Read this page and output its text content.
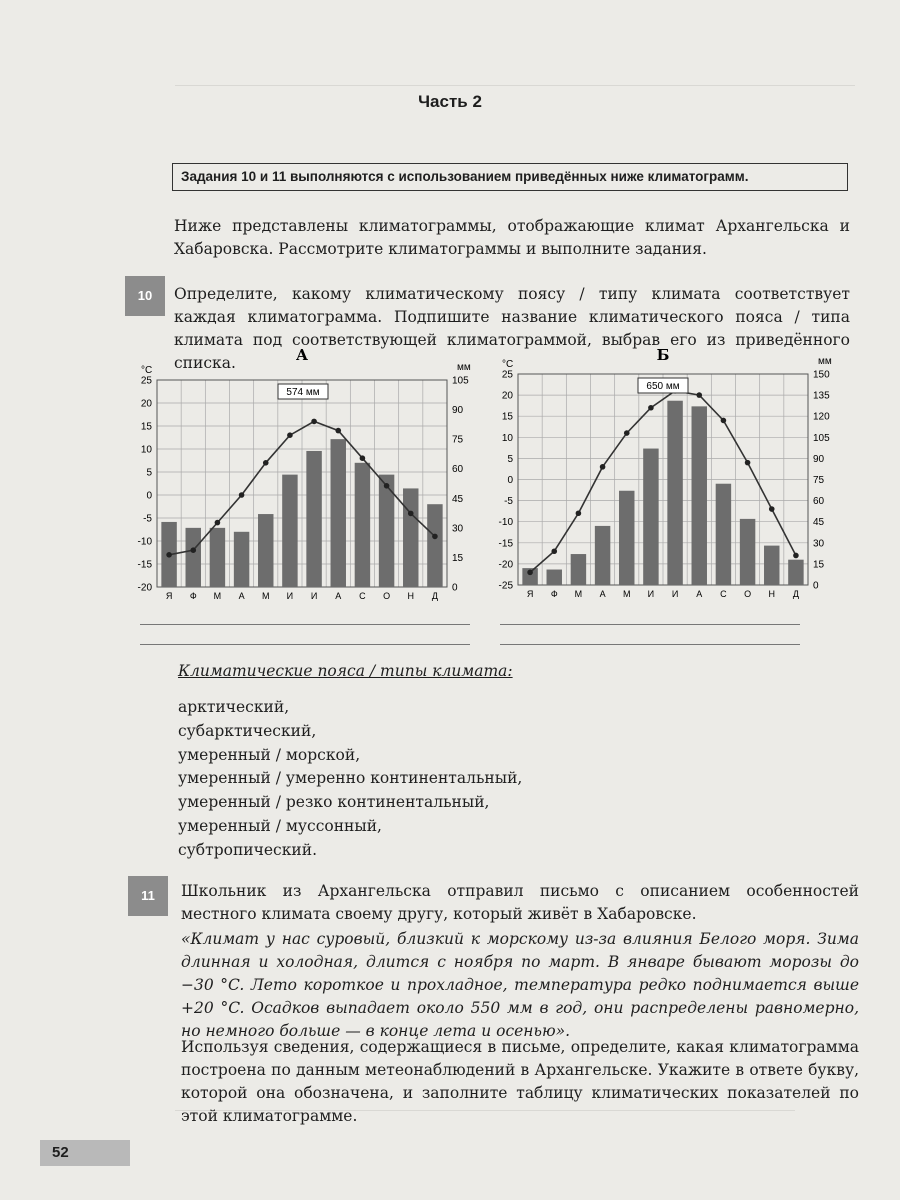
Часть 2
Задания 10 и 11 выполняются с использованием приведённых ниже климатограмм.
Ниже представлены климатограммы, отображающие климат Архангельска и Хабаровска. Рассмотрите климатограммы и выполните задания.
10	Определите, какому климатическому поясу / типу климата соответствует каждая климатограмма. Подпишите название климатического пояса / типа климата под соответствующей климатограммой, выбрав его из приведённого списка.	А
°C	мм
25
20
15
10
5
0
-5
-10
-15
-20
105
90
75
60
45
30
15
0
Я Ф М А М И И А С О Н Д
574 мм
Б
°C	мм
25
20
15
10
5
0
-5
-10
-15
-20
-25
150
135
120
105
90
75
60
45
30
15
0
Я Ф М А М И И А С О Н Д
650 мм
Климатические пояса / типы климата:
арктический,
субарктический,
умеренный / морской,
умеренный / умеренно континентальный,
умеренный / резко континентальный,
умеренный / муссонный,
субтропический.
11	Школьник из Архангельска отправил письмо с описанием особенностей местного климата своему другу, который живёт в Хабаровске.
«Климат у нас суровый, близкий к морскому из-за влияния Белого моря. Зима длинная и холодная, длится с ноября по март. В январе бывают морозы до −30 °C. Лето короткое и прохладное, температура редко поднимается выше +20 °C. Осадков выпадает около 550 мм в год, они распределены равномерно, но немного больше — в конце лета и осенью».
Используя сведения, содержащиеся в письме, определите, какая климатограмма построена по данным метеонаблюдений в Архангельске. Укажите в ответе букву, которой она обозначена, и заполните таблицу климатических показателей по этой климатограмме.
52
